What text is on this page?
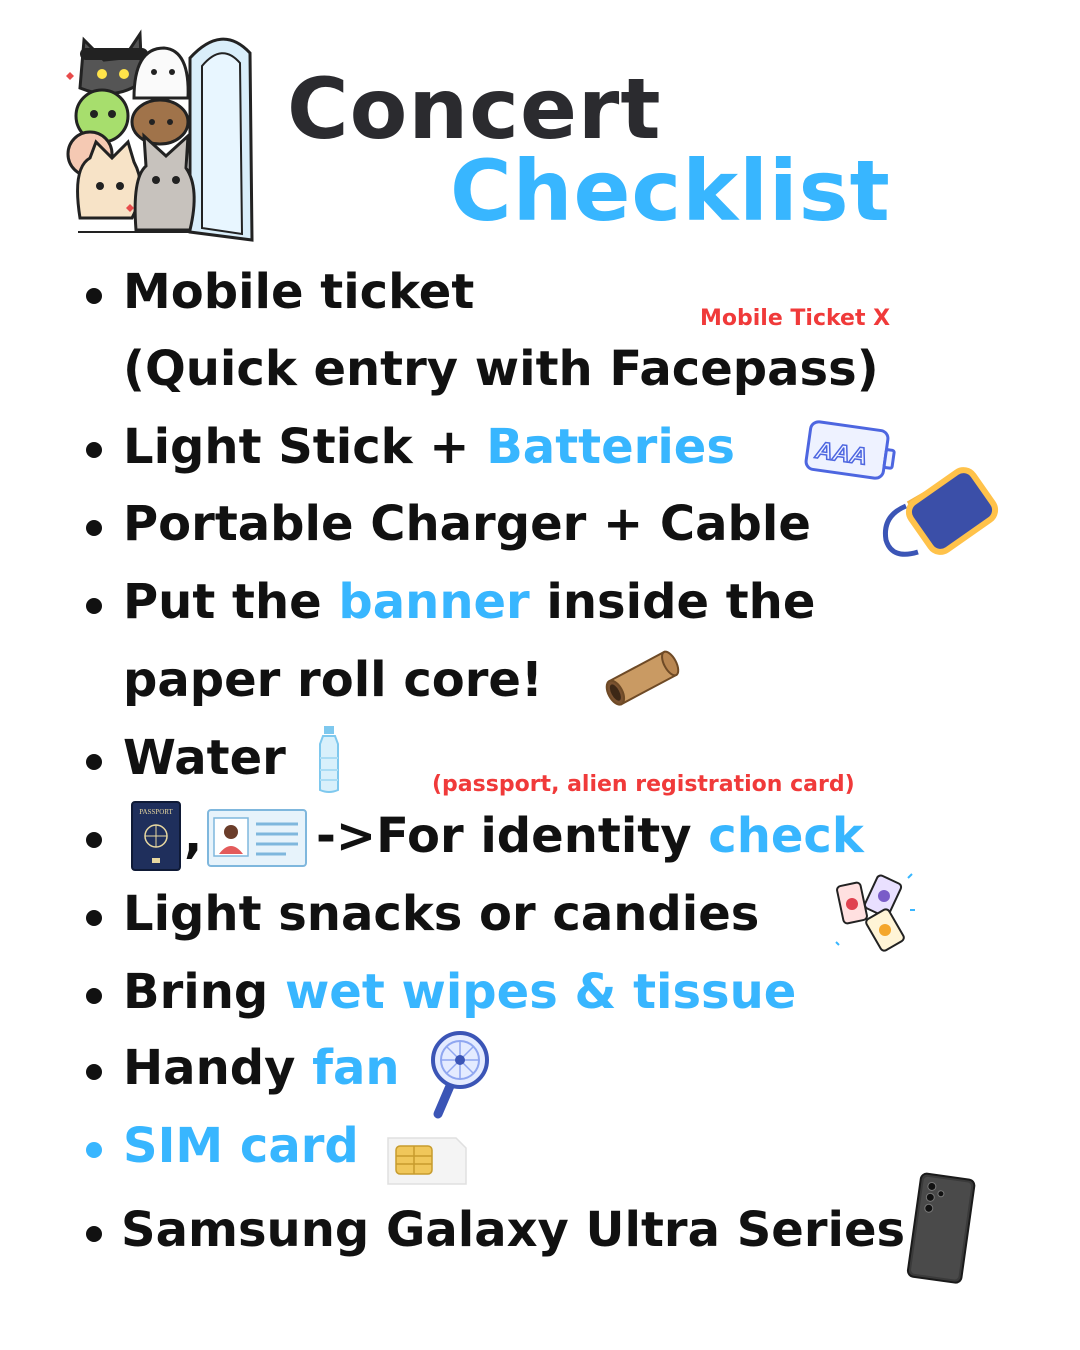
Concert
Checklist
Mobile ticket	Mobile Ticket X
(Quick entry with Facepass)
Light Stick + Batteries	AAA
Portable Charger + Cable
Put the banner inside the
paper roll core!
Water	(passport, alien registration card)
PASSPORT , ->For identity check
Light snacks or candies
Bring wet wipes & tissue
Handy fan
SIM card
Samsung Galaxy Ultra Series
